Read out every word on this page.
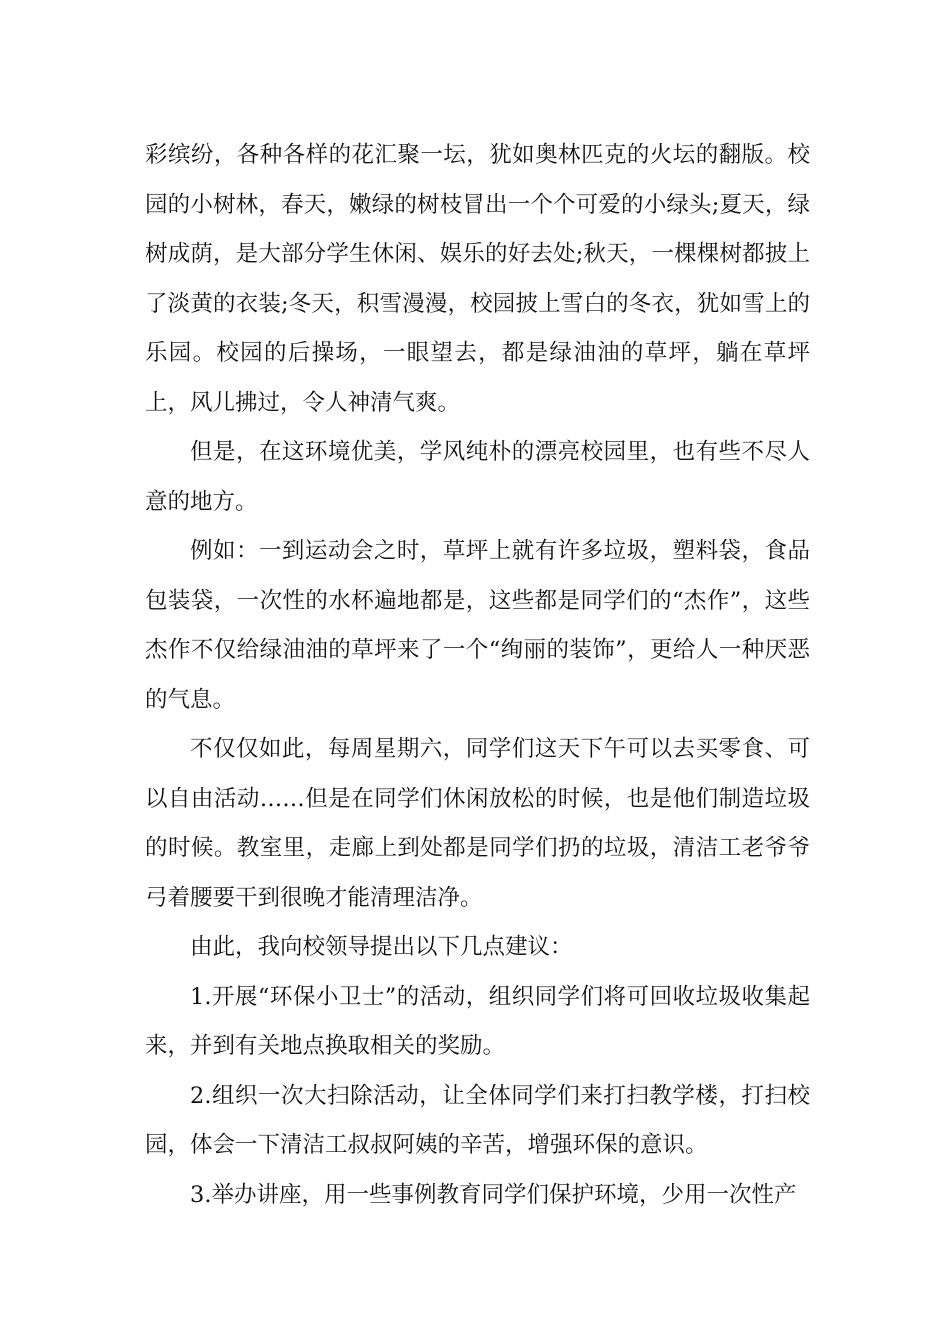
彩缤纷，各种各样的花汇聚一坛，犹如奥林匹克的火坛的翻版。校园的小树林，春天，嫩绿的树枝冒出一个个可爱的小绿头;夏天，绿树成荫，是大部分学生休闲、娱乐的好去处;秋天，一棵棵树都披上了淡黄的衣装;冬天，积雪漫漫，校园披上雪白的冬衣，犹如雪上的乐园。校园的后操场，一眼望去，都是绿油油的草坪，躺在草坪上，风儿拂过，令人神清气爽。

但是，在这环境优美，学风纯朴的漂亮校园里，也有些不尽人意的地方。

例如：一到运动会之时，草坪上就有许多垃圾，塑料袋，食品包装袋，一次性的水杯遍地都是，这些都是同学们的“杰作”，这些杰作不仅给绿油油的草坪来了一个“绚丽的装饰”，更给人一种厌恶的气息。

不仅仅如此，每周星期六，同学们这天下午可以去买零食、可以自由活动……但是在同学们休闲放松的时候，也是他们制造垃圾的时候。教室里，走廊上到处都是同学们扔的垃圾，清洁工老爷爷弓着腰要干到很晚才能清理洁净。

由此，我向校领导提出以下几点建议：

1.开展“环保小卫士”的活动，组织同学们将可回收垃圾收集起来，并到有关地点换取相关的奖励。

2.组织一次大扫除活动，让全体同学们来打扫教学楼，打扫校园，体会一下清洁工叔叔阿姨的辛苦，增强环保的意识。

3.举办讲座，用一些事例教育同学们保护环境，少用一次性产
